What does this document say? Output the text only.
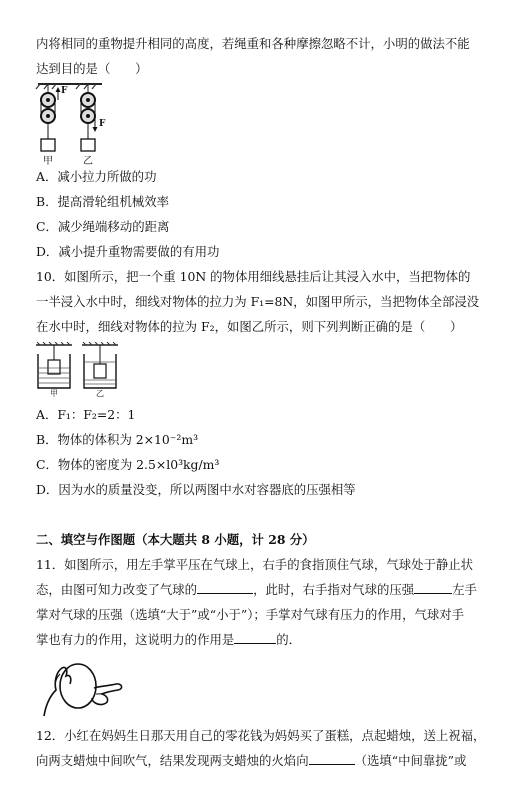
内将相同的重物提升相同的高度，若绳重和各种摩擦忽略不计，小明的做法不能
达到目的是（　　）
F
F
甲	乙
A．减小拉力所做的功
B．提高滑轮组机械效率
C．减少绳端移动的距离
D．减小提升重物需要做的有用功
10．如图所示，把一个重 10N 的物体用细线悬挂后让其浸入水中，当把物体的
一半浸入水中时，细线对物体的拉力为 F₁=8N，如图甲所示，当把物体全部浸没
在水中时，细线对物体的拉为 F₂，如图乙所示，则下列判断正确的是（　　）
甲	乙
A．F₁：F₂=2：1
B．物体的体积为 2×10⁻²m³
C．物体的密度为 2.5×l0³kg/m³
D．因为水的质量没变，所以两图中水对容器底的压强相等
二、填空与作图题（本大题共 8 小题，计 28 分）
11．如图所示，用左手掌平压在气球上，右手的食指顶住气球，气球处于静止状
态，由图可知力改变了气球的	，此时，右手指对气球的压强	左手
掌对气球的压强（选填“大于”或“小于”）；手掌对气球有压力的作用，气球对手
掌也有力的作用，这说明力的作用是	的．
12．小红在妈妈生日那天用自己的零花钱为妈妈买了蛋糕，点起蜡烛，送上祝福，
向两支蜡烛中间吹气，结果发现两支蜡烛的火焰向	（选填“中间靠拢”或
